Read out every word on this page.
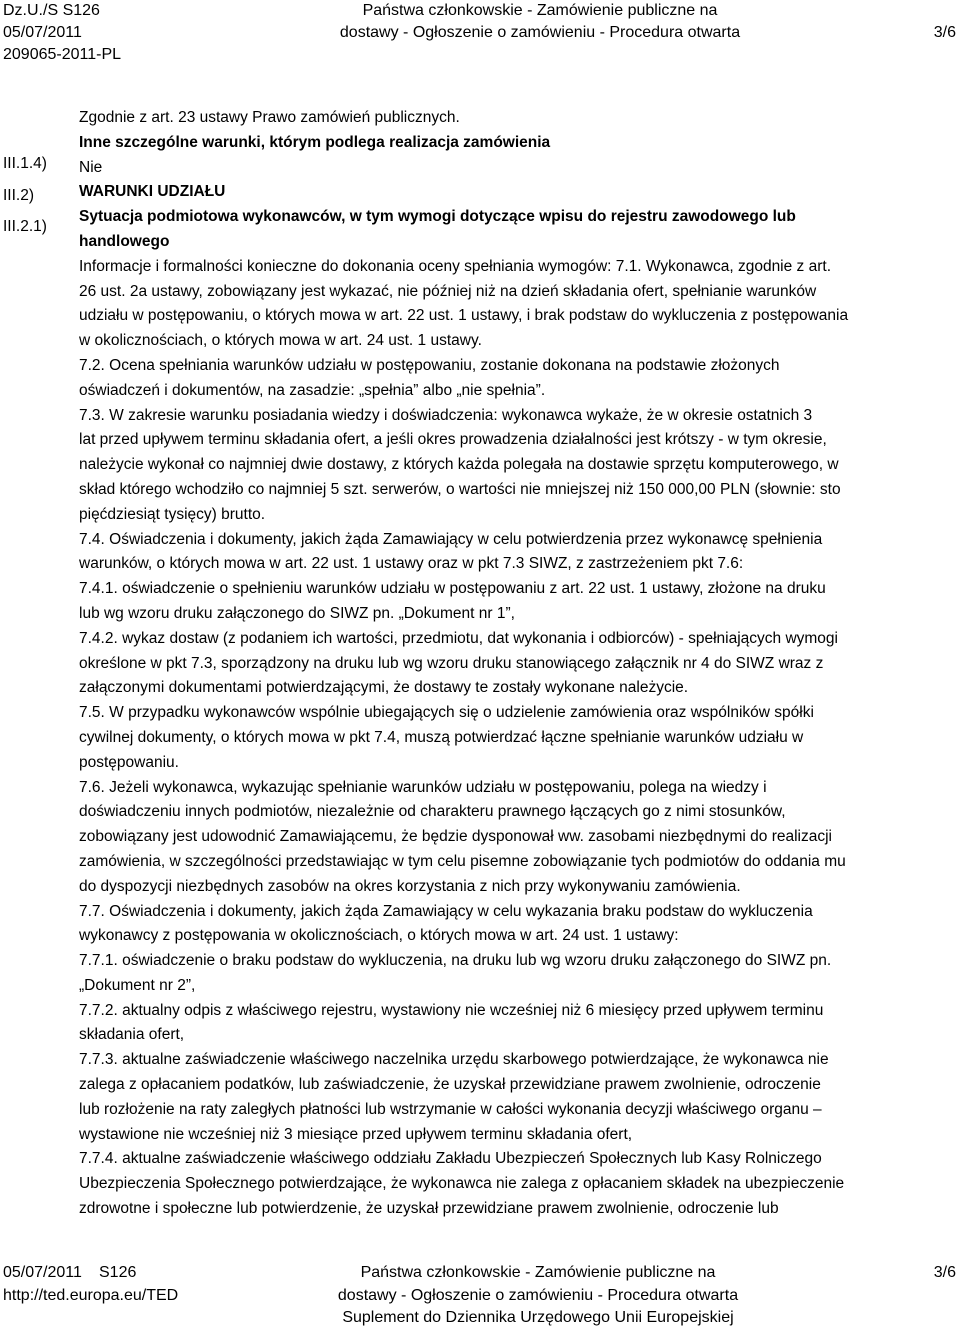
Dz.U./S S126
05/07/2011
209065-2011-PL
Państwa członkowskie - Zamówienie publiczne na
dostawy - Ogłoszenie o zamówieniu - Procedura otwarta	3/6
III.1.4)
III.2)
III.2.1)
Zgodnie z art. 23 ustawy Prawo zamówień publicznych.
Inne szczególne warunki, którym podlega realizacja zamówienia
Nie
WARUNKI UDZIAŁU
Sytuacja podmiotowa wykonawców, w tym wymogi dotyczące wpisu do rejestru zawodowego lub
handlowego
Informacje i formalności konieczne do dokonania oceny spełniania wymogów: 7.1. Wykonawca, zgodnie z art.
26 ust. 2a ustawy, zobowiązany jest wykazać, nie później niż na dzień składania ofert, spełnianie warunków
udziału w postępowaniu, o których mowa w art. 22 ust. 1 ustawy, i brak podstaw do wykluczenia z postępowania
w okolicznościach, o których mowa w art. 24 ust. 1 ustawy.
7.2. Ocena spełniania warunków udziału w postępowaniu, zostanie dokonana na podstawie złożonych
oświadczeń i dokumentów, na zasadzie: „spełnia” albo „nie spełnia”.
7.3. W zakresie warunku posiadania wiedzy i doświadczenia: wykonawca wykaże, że w okresie ostatnich 3
lat przed upływem terminu składania ofert, a jeśli okres prowadzenia działalności jest krótszy - w tym okresie,
należycie wykonał co najmniej dwie dostawy, z których każda polegała na dostawie sprzętu komputerowego, w
skład którego wchodziło co najmniej 5 szt. serwerów, o wartości nie mniejszej niż 150 000,00 PLN (słownie: sto
pięćdziesiąt tysięcy) brutto.
7.4. Oświadczenia i dokumenty, jakich żąda Zamawiający w celu potwierdzenia przez wykonawcę spełnienia
warunków, o których mowa w art. 22 ust. 1 ustawy oraz w pkt 7.3 SIWZ, z zastrzeżeniem pkt 7.6:
7.4.1. oświadczenie o spełnieniu warunków udziału w postępowaniu z art. 22 ust. 1 ustawy, złożone na druku
lub wg wzoru druku załączonego do SIWZ pn. „Dokument nr 1”,
7.4.2. wykaz dostaw (z podaniem ich wartości, przedmiotu, dat wykonania i odbiorców) - spełniających wymogi
określone w pkt 7.3, sporządzony na druku lub wg wzoru druku stanowiącego załącznik nr 4 do SIWZ wraz z
załączonymi dokumentami potwierdzającymi, że dostawy te zostały wykonane należycie.
7.5. W przypadku wykonawców wspólnie ubiegających się o udzielenie zamówienia oraz wspólników spółki
cywilnej dokumenty, o których mowa w pkt 7.4, muszą potwierdzać łączne spełnianie warunków udziału w
postępowaniu.
7.6. Jeżeli wykonawca, wykazując spełnianie warunków udziału w postępowaniu, polega na wiedzy i
doświadczeniu innych podmiotów, niezależnie od charakteru prawnego łączących go z nimi stosunków,
zobowiązany jest udowodnić Zamawiającemu, że będzie dysponował ww. zasobami niezbędnymi do realizacji
zamówienia, w szczególności przedstawiając w tym celu pisemne zobowiązanie tych podmiotów do oddania mu
do dyspozycji niezbędnych zasobów na okres korzystania z nich przy wykonywaniu zamówienia.
7.7. Oświadczenia i dokumenty, jakich żąda Zamawiający w celu wykazania braku podstaw do wykluczenia
wykonawcy z postępowania w okolicznościach, o których mowa w art. 24 ust. 1 ustawy:
7.7.1. oświadczenie o braku podstaw do wykluczenia, na druku lub wg wzoru druku załączonego do SIWZ pn.
„Dokument nr 2”,
7.7.2. aktualny odpis z właściwego rejestru, wystawiony nie wcześniej niż 6 miesięcy przed upływem terminu
składania ofert,
7.7.3. aktualne zaświadczenie właściwego naczelnika urzędu skarbowego potwierdzające, że wykonawca nie
zalega z opłacaniem podatków, lub zaświadczenie, że uzyskał przewidziane prawem zwolnienie, odroczenie
lub rozłożenie na raty zaległych płatności lub wstrzymanie w całości wykonania decyzji właściwego organu –
wystawione nie wcześniej niż 3 miesiące przed upływem terminu składania ofert,
7.7.4. aktualne zaświadczenie właściwego oddziału Zakładu Ubezpieczeń Społecznych lub Kasy Rolniczego
Ubezpieczenia Społecznego potwierdzające, że wykonawca nie zalega z opłacaniem składek na ubezpieczenie
zdrowotne i społeczne lub potwierdzenie, że uzyskał przewidziane prawem zwolnienie, odroczenie lub
05/07/2011 S126
http://ted.europa.eu/TED
Państwa członkowskie - Zamówienie publiczne na
dostawy - Ogłoszenie o zamówieniu - Procedura otwarta
Suplement do Dziennika Urzędowego Unii Europejskiej
3/6
